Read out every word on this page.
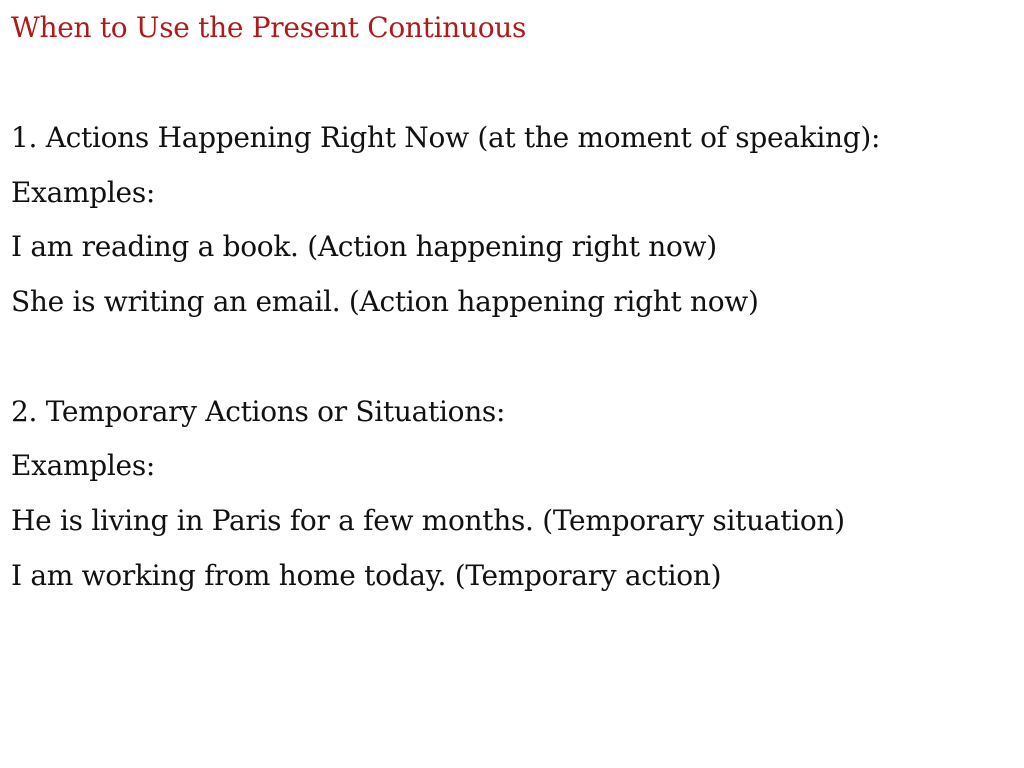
When to Use the Present Continuous
1. Actions Happening Right Now (at the moment of speaking):
Examples:
I am reading a book. (Action happening right now)
She is writing an email. (Action happening right now)
2. Temporary Actions or Situations:
Examples:
He is living in Paris for a few months. (Temporary situation)
I am working from home today. (Temporary action)
